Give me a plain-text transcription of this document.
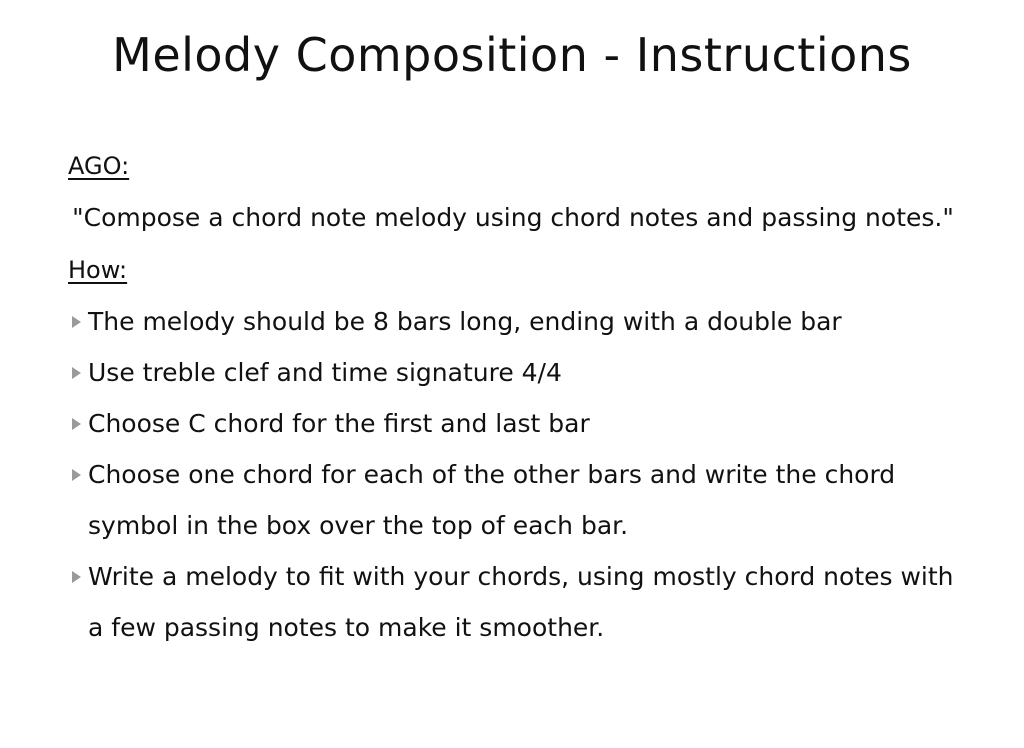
Melody Composition - Instructions
AGO:

"Compose a chord note melody using chord notes and passing notes."

How:
The melody should be 8 bars long, ending with a double bar
Use treble clef and time signature 4/4
Choose C chord for the first and last bar
Choose one chord for each of the other bars and write the chord symbol in the box over the top of each bar.
Write a melody to fit with your chords, using mostly chord notes with a few passing notes to make it smoother.
